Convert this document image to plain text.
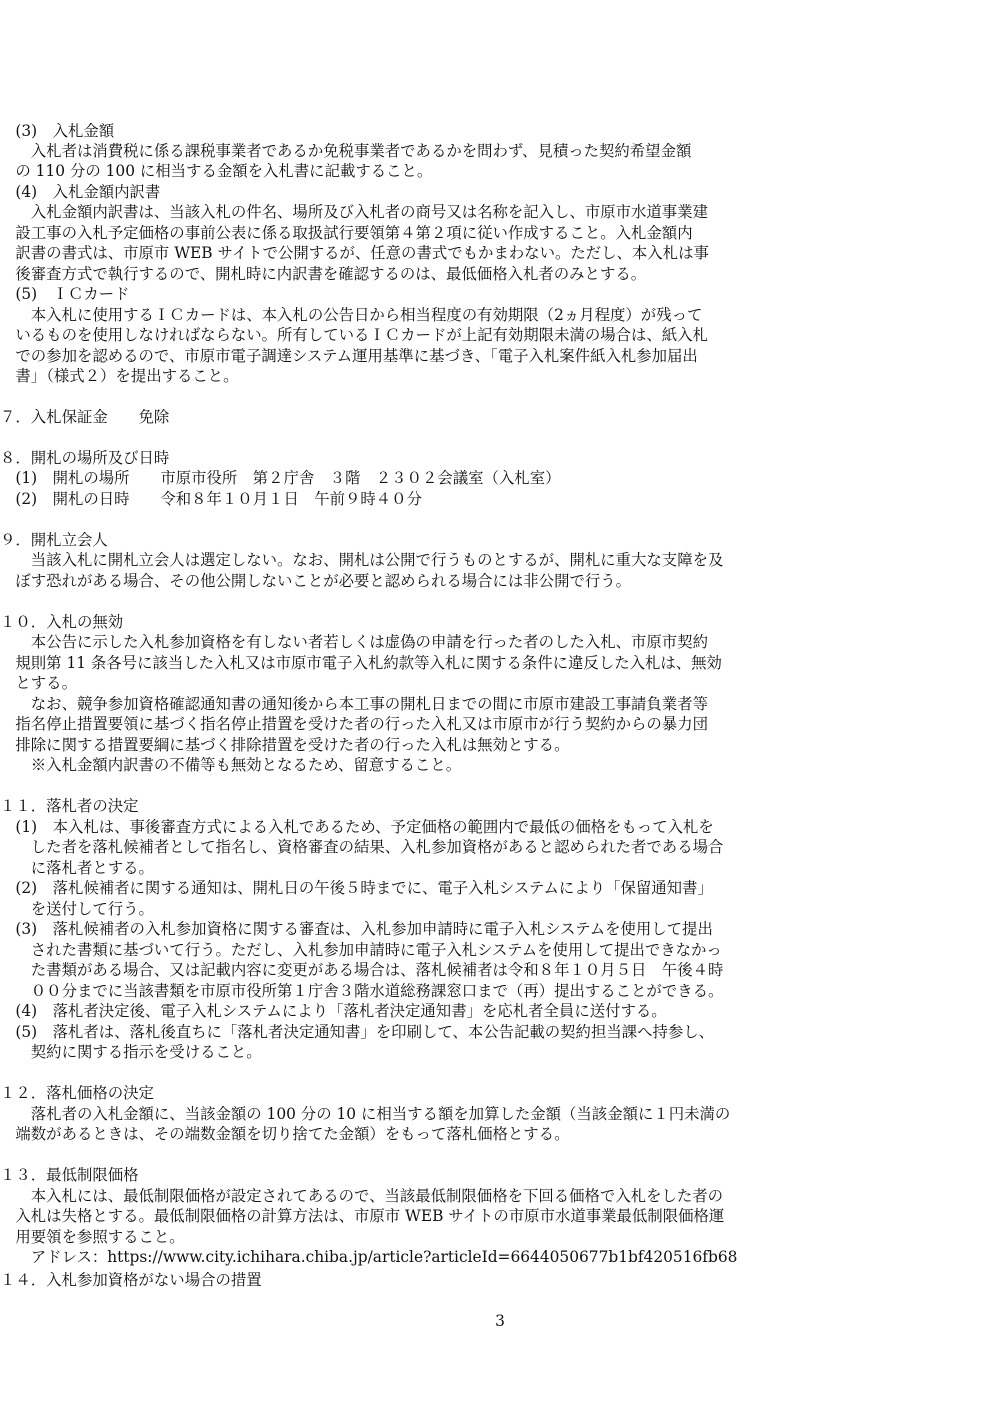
　(3)　入札金額

　　入札者は消費税に係る課税事業者であるか免税事業者であるかを問わず、見積った契約希望金額

　の 110 分の 100 に相当する金額を入札書に記載すること。

　(4)　入札金額内訳書

　　入札金額内訳書は、当該入札の件名、場所及び入札者の商号又は名称を記入し、市原市水道事業建

　設工事の入札予定価格の事前公表に係る取扱試行要領第４第２項に従い作成すること。入札金額内

　訳書の書式は、市原市 WEB サイトで公開するが、任意の書式でもかまわない。ただし、本入札は事

　後審査方式で執行するので、開札時に内訳書を確認するのは、最低価格入札者のみとする。

　(5)　ＩＣカード

　　本入札に使用するＩＣカードは、本入札の公告日から相当程度の有効期限（2ヵ月程度）が残って

　いるものを使用しなければならない。所有しているＩＣカードが上記有効期限未満の場合は、紙入札

　での参加を認めるので、市原市電子調達システム運用基準に基づき、「電子入札案件紙入札参加届出

　書」（様式２）を提出すること。

７．入札保証金　　免除

８．開札の場所及び日時

　(1)　開札の場所　　市原市役所　第２庁舎　３階　２３０２会議室（入札室）

　(2)　開札の日時　　令和８年１０月１日　午前９時４０分

９．開札立会人

　　当該入札に開札立会人は選定しない。なお、開札は公開で行うものとするが、開札に重大な支障を及

　ぼす恐れがある場合、その他公開しないことが必要と認められる場合には非公開で行う。

１０．入札の無効

　　本公告に示した入札参加資格を有しない者若しくは虚偽の申請を行った者のした入札、市原市契約

　規則第 11 条各号に該当した入札又は市原市電子入札約款等入札に関する条件に違反した入札は、無効

　とする。

　　なお、競争参加資格確認通知書の通知後から本工事の開札日までの間に市原市建設工事請負業者等

　指名停止措置要領に基づく指名停止措置を受けた者の行った入札又は市原市が行う契約からの暴力団

　排除に関する措置要綱に基づく排除措置を受けた者の行った入札は無効とする。

　　※入札金額内訳書の不備等も無効となるため、留意すること。

１１．落札者の決定

　(1)　本入札は、事後審査方式による入札であるため、予定価格の範囲内で最低の価格をもって入札を

　　した者を落札候補者として指名し、資格審査の結果、入札参加資格があると認められた者である場合

　　に落札者とする。

　(2)　落札候補者に関する通知は、開札日の午後５時までに、電子入札システムにより「保留通知書」

　　を送付して行う。

　(3)　落札候補者の入札参加資格に関する審査は、入札参加申請時に電子入札システムを使用して提出

　　された書類に基づいて行う。ただし、入札参加申請時に電子入札システムを使用して提出できなかっ

　　た書類がある場合、又は記載内容に変更がある場合は、落札候補者は令和８年１０月５日　午後４時

　　００分までに当該書類を市原市役所第１庁舎３階水道総務課窓口まで（再）提出することができる。

　(4)　落札者決定後、電子入札システムにより「落札者決定通知書」を応札者全員に送付する。

　(5)　落札者は、落札後直ちに「落札者決定通知書」を印刷して、本公告記載の契約担当課へ持参し、

　　契約に関する指示を受けること。

１２．落札価格の決定

　　落札者の入札金額に、当該金額の 100 分の 10 に相当する額を加算した金額（当該金額に１円未満の

　端数があるときは、その端数金額を切り捨てた金額）をもって落札価格とする。

１３．最低制限価格

　　本入札には、最低制限価格が設定されてあるので、当該最低制限価格を下回る価格で入札をした者の

　入札は失格とする。最低制限価格の計算方法は、市原市 WEB サイトの市原市水道事業最低制限価格運

　用要領を参照すること。

　　アドレス：https://www.city.ichihara.chiba.jp/article?articleId=6644050677b1bf420516fb68

１４．入札参加資格がない場合の措置

3
